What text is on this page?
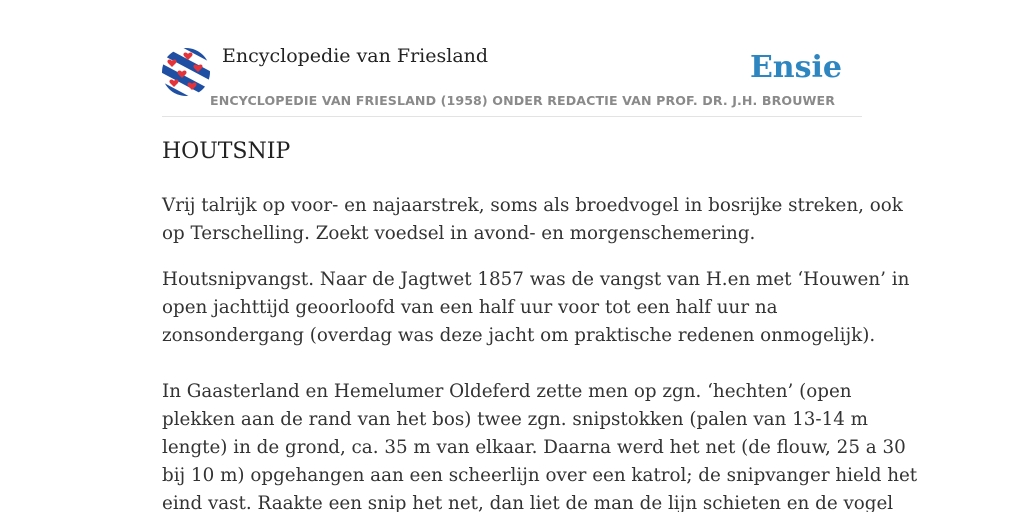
Encyclopedie van Friesland	Ensie
ENCYCLOPEDIE VAN FRIESLAND (1958) ONDER REDACTIE VAN PROF. DR. J.H. BROUWER
HOUTSNIP

Vrij talrijk op voor- en najaarstrek, soms als broedvogel in bosrijke streken, ook
op Terschelling. Zoekt voedsel in avond- en morgenschemering.

Houtsnipvangst. Naar de Jagtwet 1857 was de vangst van H.en met ‘Houwen’ in
open jachttijd geoorloofd van een half uur voor tot een half uur na
zonsondergang (overdag was deze jacht om praktische redenen onmogelijk).
In Gaasterland en Hemelumer Oldeferd zette men op zgn. ‘hechten’ (open
plekken aan de rand van het bos) twee zgn. snipstokken (palen van 13-14 m
lengte) in de grond, ca. 35 m van elkaar. Daarna werd het net (de flouw, 25 a 30
bij 10 m) opgehangen aan een scheerlijn over een katrol; de snipvanger hield het
eind vast. Raakte een snip het net, dan liet de man de lijn schieten en de vogel
